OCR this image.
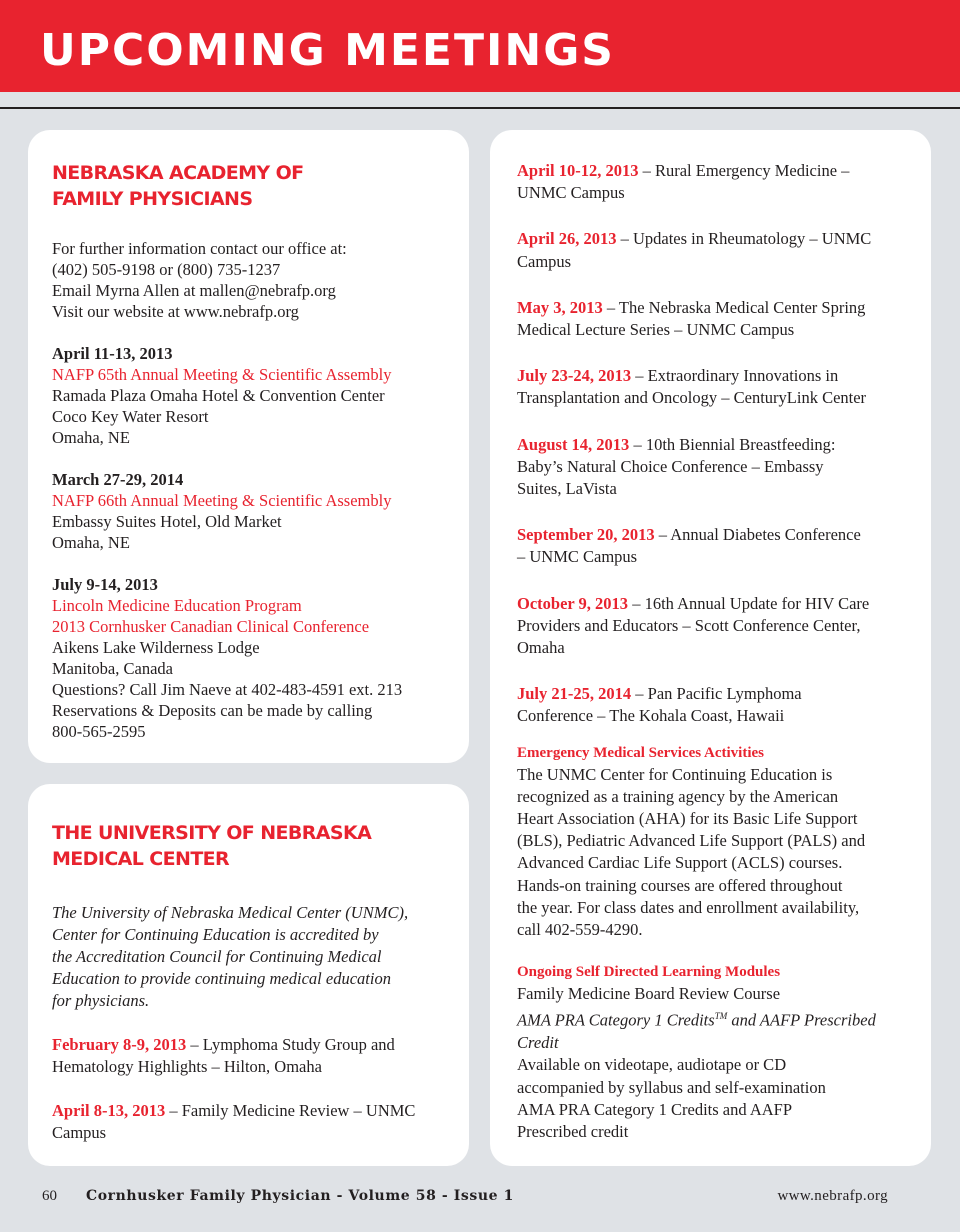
UPCOMING MEETINGS
NEBRASKA ACADEMY OF
FAMILY PHYSICIANS

For further information contact our office at:

(402) 505-9198 or (800) 735-1237

Email Myrna Allen at mallen@nebrafp.org

Visit our website at www.nebrafp.org

April 11-13, 2013

NAFP 65th Annual Meeting & Scientific Assembly

Ramada Plaza Omaha Hotel & Convention Center

Coco Key Water Resort

Omaha, NE

March 27-29, 2014

NAFP 66th Annual Meeting & Scientific Assembly

Embassy Suites Hotel, Old Market

Omaha, NE

July 9-14, 2013

Lincoln Medicine Education Program

2013 Cornhusker Canadian Clinical Conference

Aikens Lake Wilderness Lodge

Manitoba, Canada

Questions? Call Jim Naeve at 402-483-4591 ext. 213

Reservations & Deposits can be made by calling

800-565-2595

THE UNIVERSITY OF NEBRASKA
MEDICAL CENTER
The University of Nebraska Medical Center (UNMC),
Center for Continuing Education is accredited by
the Accreditation Council for Continuing Medical
Education to provide continuing medical education
for physicians.
February 8-9, 2013 – Lymphoma Study Group and
Hematology Highlights – Hilton, Omaha
April 8-13, 2013 – Family Medicine Review – UNMC
Campus
April 10-12, 2013 – Rural Emergency Medicine –
UNMC Campus
April 26, 2013 – Updates in Rheumatology – UNMC
Campus
May 3, 2013 – The Nebraska Medical Center Spring
Medical Lecture Series – UNMC Campus
July 23-24, 2013 – Extraordinary Innovations in
Transplantation and Oncology – CenturyLink Center
August 14, 2013 – 10th Biennial Breastfeeding:
Baby’s Natural Choice Conference – Embassy
Suites, LaVista
September 20, 2013 – Annual Diabetes Conference
– UNMC Campus
October 9, 2013 – 16th Annual Update for HIV Care
Providers and Educators – Scott Conference Center,
Omaha
July 21-25, 2014 – Pan Pacific Lymphoma
Conference – The Kohala Coast, Hawaii
Emergency Medical Services Activities
The UNMC Center for Continuing Education is
recognized as a training agency by the American
Heart Association (AHA) for its Basic Life Support
(BLS), Pediatric Advanced Life Support (PALS) and
Advanced Cardiac Life Support (ACLS) courses.
Hands-on training courses are offered throughout
the year. For class dates and enrollment availability,
call 402-559-4290.
Ongoing Self Directed Learning Modules
Family Medicine Board Review Course
AMA PRA Category 1 Credits™ and AAFP Prescribed
Credit
Available on videotape, audiotape or CD
accompanied by syllabus and self-examination
AMA PRA Category 1 Credits and AAFP
Prescribed credit
60 Cornhusker Family Physician - Volume 58 - Issue 1	www.nebrafp.org
